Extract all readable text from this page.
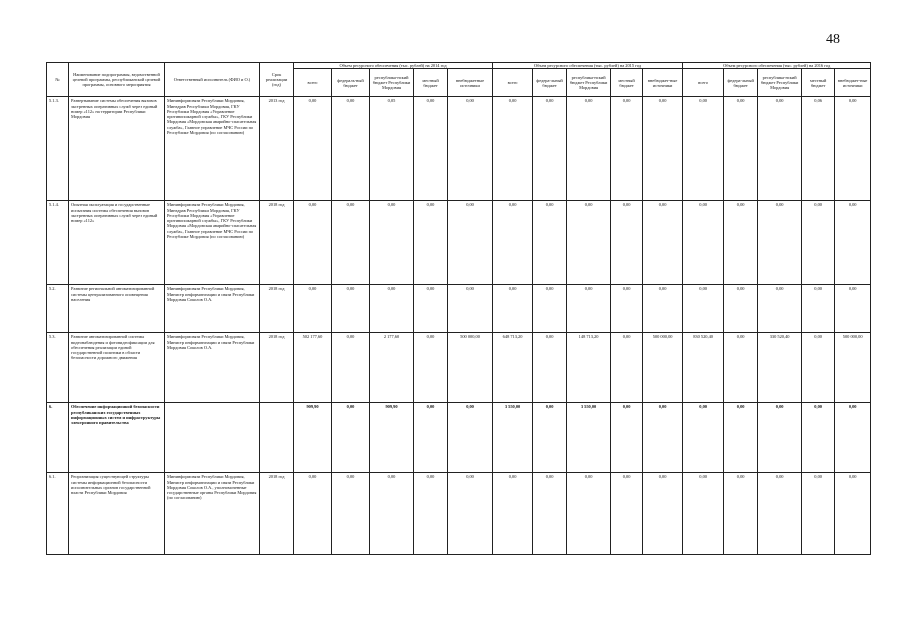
48
№	Наименование подпрограммы, ведомственной целевой программы, республиканской целевой программы, основного мероприятия	Ответственный исполнитель (ФИО и О.)	Срок реализации (год)	Объем ресурсного обеспечения (тыс. рублей) на 2014 год					Объем ресурсного обеспечения (тыс. рублей) на 2015 год					Объем ресурсного обеспечения (тыс. рублей) на 2016 год				
				всего	федераль-ный бюджет	республика-нский бюджет Республики Мордовия	местный бюджет	внебюджетные источники	всего	федера-льный бюджет	республика-нский бюджет Республики Мордовия	местный бюджет	внебюджет-ные источники	всего	федера-льный бюджет	республика-нский бюджет Республики Мордовия	местный бюджет	внебюджет-ные источники
5.1.3.	Развертывание системы обеспечения вызовов экстренных оперативных служб через единый номер «112» на территории Республики Мордовия	Мининформсвязи Республики Мордовия, Минздрав Республики Мордовия, ГКУ Республики Мордовия «Управление противопожарной службы», ГКУ Республики Мордовия «Мордовская аварийно-спасательная служба», Главное управление МЧС России по Республике Мордовия (по согласованию)	2013 год	0,00	0,00	0,05	0,00	0,00	0,00	0,00	0,00	0,00	0,00	0,00	0,00	0,00	0,06	0,00
5.1.4.	Опытная эксплуатация и государственные испытания системы обеспечения вызовов экстренных оперативных служб через единый номер «112»	Мининформсвязи Республики Мордовия, Минздрав Республики Мордовия, ГКУ Республики Мордовия «Управление противопожарной службы», ГКУ Республики Мордовия «Мордовская аварийно-спасательная служба», Главное управление МЧС России по Республике Мордовия (по согласованию)	2018 год	0,00	0,00	0,00	0,00	0,00	0,00	0,00	0,00	0,00	0,00	0,00	0,00	0,00	0,00	0,00
5.2.	Развитие региональной автоматизированной системы централизованного оповещения населения	Мининформсвязи Республики Мордовия, Министр информатизации и связи Республики Мордовия Соколов О.А.	2018 год	0,00	0,00	0,00	0,00	0,00	0,00	0,00	0,00	0,00	0,00	0,00	0,00	0,00	0,00	0,00
5.3.	Развитие автоматизированной системы видеонаблюдения и фотовидеофиксации для обеспечения реализации единой государственной политики в области безопасности дорожного движения	Мининформсвязи Республики Мордовия, Министр информатизации и связи Республики Мордовия Соколов О.А.	2018 год	502 177,60	0,00	2 177,60	0,00	500 000,00	648 713,20	0,00	148 713,20	0,00	500 000,00	830 520,40	0,00	330 520,40	0,00	500 000,00
6.	Обеспечение информационной безопасности республиканских государственных информационных систем и инфраструктуры электронного правительства			909,90	0,00	909,90	0,00	0,00	3 550,00	0,00	3 550,00	0,00	0,00	0,00	0,00	0,00	0,00	0,00
6.1.	Реорганизация существующей структуры системы информационной безопасности исполнительных органов государственной власти Республики Мордовия	Мининформсвязи Республики Мордовия, Министр информатизации и связи Республики Мордовия Соколов О.А., уполномоченные государственные органы Республики Мордовия (по согласованию)	2018 год	0,00	0,00	0,00	0,00	0,00	0,00	0,00	0,00	0,00	0,00	0,00	0,00	0,00	0,00	0,00
